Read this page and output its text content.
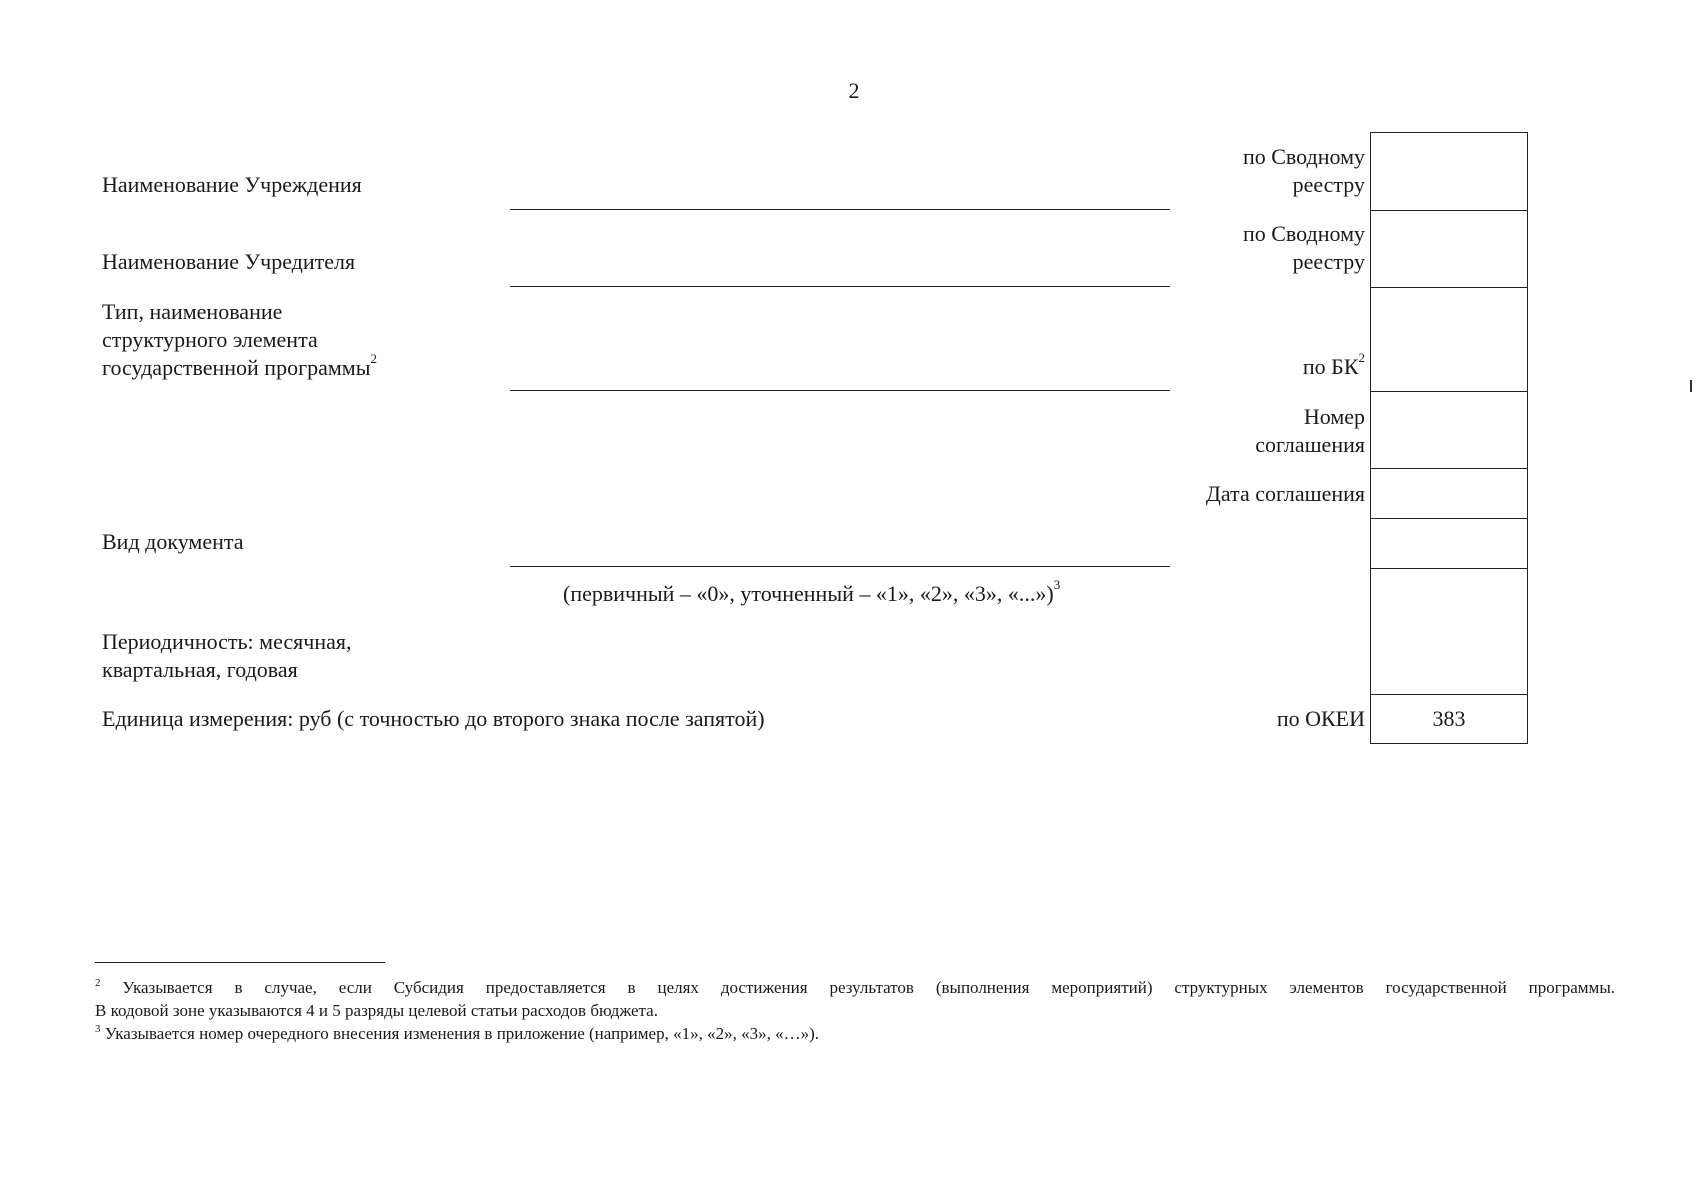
2
Наименование Учреждения
Наименование Учредителя
Тип, наименование
структурного элемента
государственной программы$^2$
Вид документа
Периодичность: месячная,
квартальная, годовая
Единица измерения: руб (с точностью до второго знака после запятой)
(первичный – «0», уточненный – «1», «2», «3», «...»)$^3$
по Сводному
реестру
по Сводному
реестру
по $БК^2$
Номер
соглашения
Дата соглашения
по ОКЕИ	383
$^2$ Указывается в случае, если Субсидия предоставляется в целях достижения результатов (выполнения мероприятий) структурных элементов государственной программы.
В кодовой зоне указываются 4 и 5 разряды целевой статьи расходов бюджета.
$^3$ Указывается номер очередного внесения изменения в приложение (например, «1», «2», «3», «…»).
